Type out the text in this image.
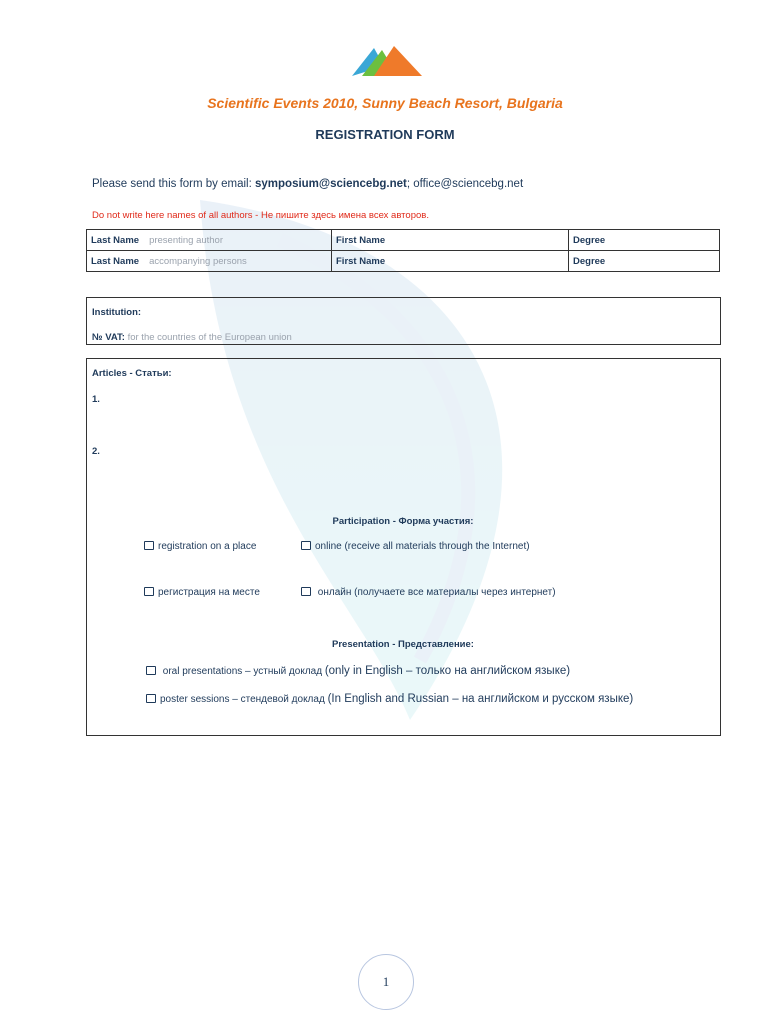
Scientific Events 2010, Sunny Beach Resort, Bulgaria
REGISTRATION FORM
Please send this form by email: symposium@sciencebg.net; office@sciencebg.net
Do not write here names of all authors - Не пишите здесь имена всех авторов.
Last Name presenting author	First Name	Degree
Last Name accompanying persons	First Name	Degree
Institution:
№ VAT: for the countries of the European union
Articles - Статьи:
1.
2.
Participation - Форма участия:
registration on a place	online (receive all materials through the Internet)
регистрация на месте	онлайн (получаете все материалы через интернет)
Presentation - Представление:
oral presentations – устный доклад (only in English – только на английском языке)
poster sessions – стендевой доклад (In English and Russian – на английском и русском языке)
1
